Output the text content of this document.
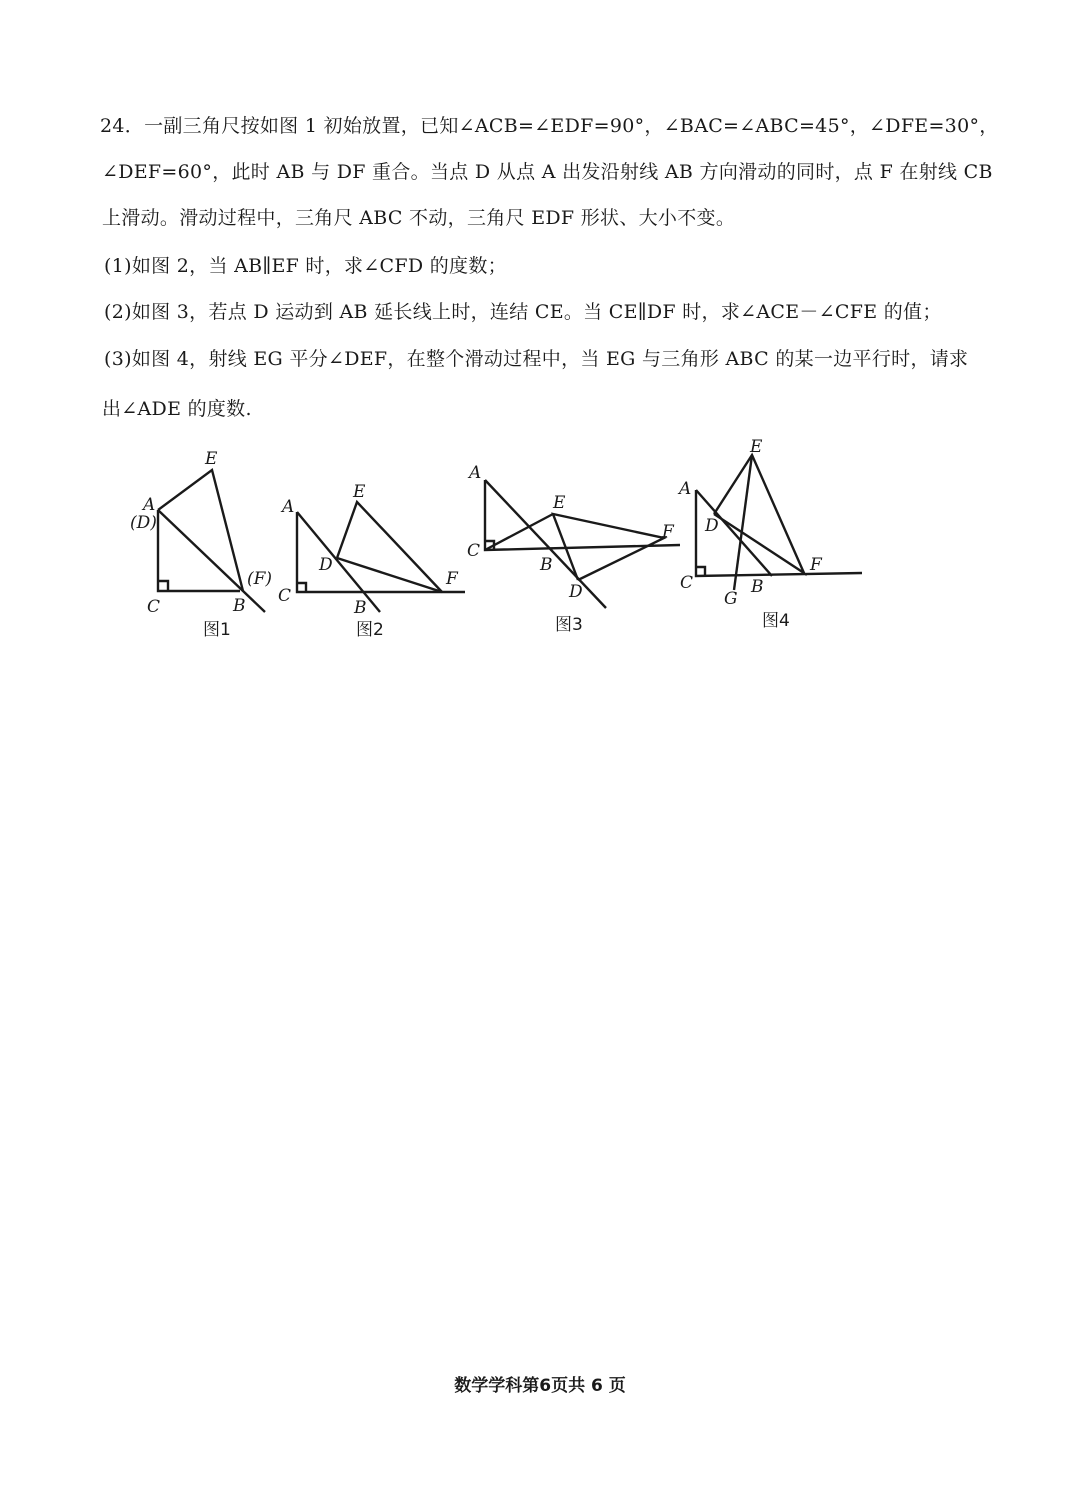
24．一副三角尺按如图 1 初始放置，已知∠ACB=∠EDF=90°，∠BAC=∠ABC=45°，∠DFE=30°，
∠DEF=60°，此时 AB 与 DF 重合。当点 D 从点 A 出发沿射线 AB 方向滑动的同时，点 F 在射线 CB
上滑动。滑动过程中，三角尺 ABC 不动，三角尺 EDF 形状、大小不变。
(1)如图 2，当 AB∥EF 时，求∠CFD 的度数；
(2)如图 3，若点 D 运动到 AB 延长线上时，连结 CE。当 CE∥DF 时，求∠ACE－∠CFE 的值；
(3)如图 4，射线 EG 平分∠DEF，在整个滑动过程中，当 EG 与三角形 ABC 的某一边平行时，请求
出∠ADE 的度数.
E
A
(D)
(F)
C	B
图1
A
E
D
F
C
B
图2
A
E
F
C
B
D
图3
E
A
D
F
C	B
G
图4
数学学科第6页共 6 页
